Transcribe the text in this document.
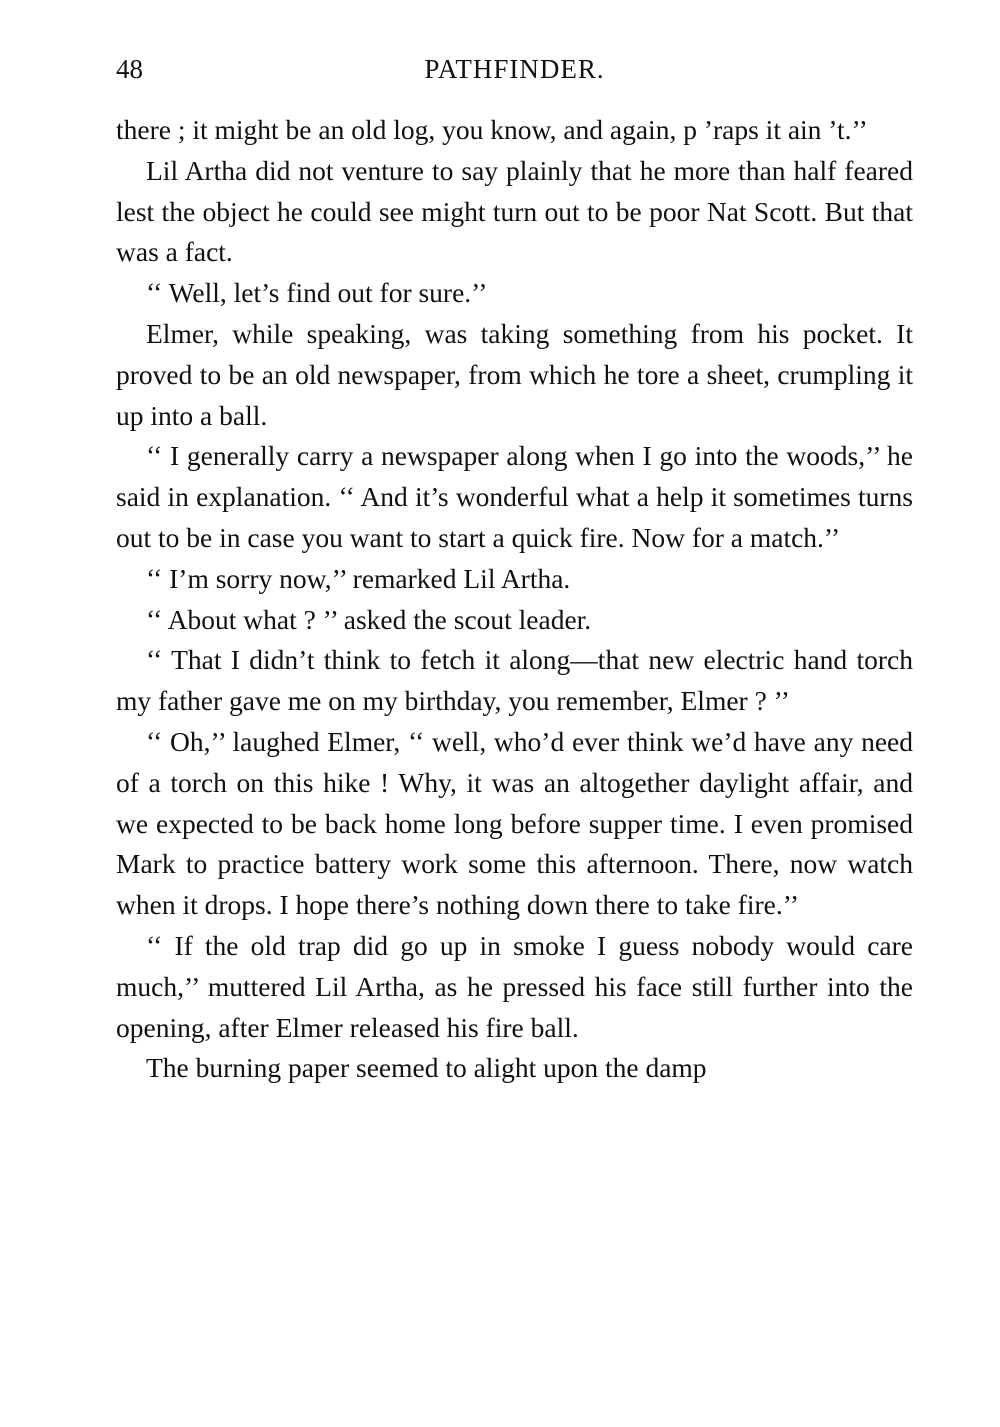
48	PATHFINDER.

there ; it might be an old log, you know, and again, p ’raps it ain ’t.’’

Lil Artha did not venture to say plainly that he more than half feared lest the object he could see might turn out to be poor Nat Scott. But that was a fact.

‘‘ Well, let’s find out for sure.’’

Elmer, while speaking, was taking something from his pocket. It proved to be an old newspaper, from which he tore a sheet, crumpling it up into a ball.

‘‘ I generally carry a newspaper along when I go into the woods,’’ he said in explanation. ‘‘ And it’s wonderful what a help it sometimes turns out to be in case you want to start a quick fire. Now for a match.’’

‘‘ I’m sorry now,’’ remarked Lil Artha.

‘‘ About what ? ’’ asked the scout leader.

‘‘ That I didn’t think to fetch it along—that new electric hand torch my father gave me on my birthday, you remember, Elmer ? ’’

‘‘ Oh,’’ laughed Elmer, ‘‘ well, who’d ever think we’d have any need of a torch on this hike ! Why, it was an altogether daylight affair, and we expected to be back home long before supper time. I even promised Mark to practice battery work some this afternoon. There, now watch when it drops. I hope there’s nothing down there to take fire.’’

‘‘ If the old trap did go up in smoke I guess nobody would care much,’’ muttered Lil Artha, as he pressed his face still further into the opening, after Elmer released his fire ball.

The burning paper seemed to alight upon the damp
